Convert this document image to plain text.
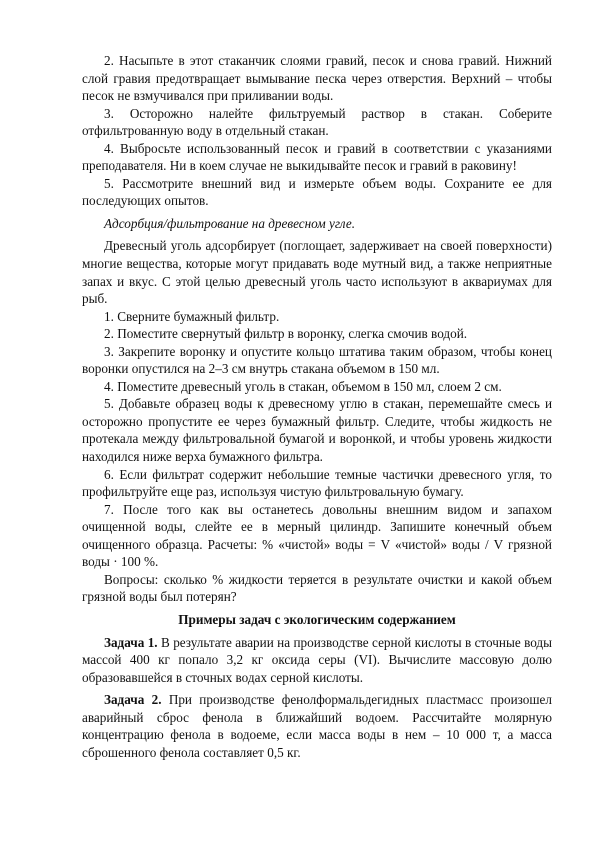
2. Насыпьте в этот стаканчик слоями гравий, песок и снова гравий. Нижний слой гравия предотвращает вымывание песка через отверстия. Верхний – чтобы песок не взмучивался при приливании воды.

3. Осторожно налейте фильтруемый раствор в стакан. Соберите отфильтрованную воду в отдельный стакан.

4. Выбросьте использованный песок и гравий в соответствии с указаниями преподавателя. Ни в коем случае не выкидывайте песок и гравий в раковину!

5. Рассмотрите внешний вид и измерьте объем воды. Сохраните ее для последующих опытов.

Адсорбция/фильтрование на древесном угле.

Древесный уголь адсорбирует (поглощает, задерживает на своей поверхности) многие вещества, которые могут придавать воде мутный вид, а также неприятные запах и вкус. С этой целью древесный уголь часто используют в аквариумах для рыб.

1. Сверните бумажный фильтр.

2. Поместите свернутый фильтр в воронку, слегка смочив водой.

3. Закрепите воронку и опустите кольцо штатива таким образом, чтобы конец воронки опустился на 2–3 см внутрь стакана объемом в 150 мл.

4. Поместите древесный уголь в стакан, объемом в 150 мл, слоем 2 см.

5. Добавьте образец воды к древесному углю в стакан, перемешайте смесь и осторожно пропустите ее через бумажный фильтр. Следите, чтобы жидкость не протекала между фильтровальной бумагой и воронкой, и чтобы уровень жидкости находился ниже верха бумажного фильтра.

6. Если фильтрат содержит небольшие темные частички древесного угля, то профильтруйте еще раз, используя чистую фильтровальную бумагу.

7. После того как вы останетесь довольны внешним видом и запахом очищенной воды, слейте ее в мерный цилиндр. Запишите конечный объем очищенного образца. Расчеты: % «чистой» воды = V «чистой» воды / V грязной воды · 100 %.

Вопросы: сколько % жидкости теряется в результате очистки и какой объем грязной воды был потерян?

Примеры задач с экологическим содержанием

Задача 1. В результате аварии на производстве серной кислоты в сточные воды массой 400 кг попало 3,2 кг оксида серы (VI). Вычислите массовую долю образовавшейся в сточных водах серной кислоты.

Задача 2. При производстве фенолформальдегидных пластмасс произошел аварийный сброс фенола в ближайший водоем. Рассчитайте молярную концентрацию фенола в водоеме, если масса воды в нем – 10 000 т, а масса сброшенного фенола составляет 0,5 кг.
